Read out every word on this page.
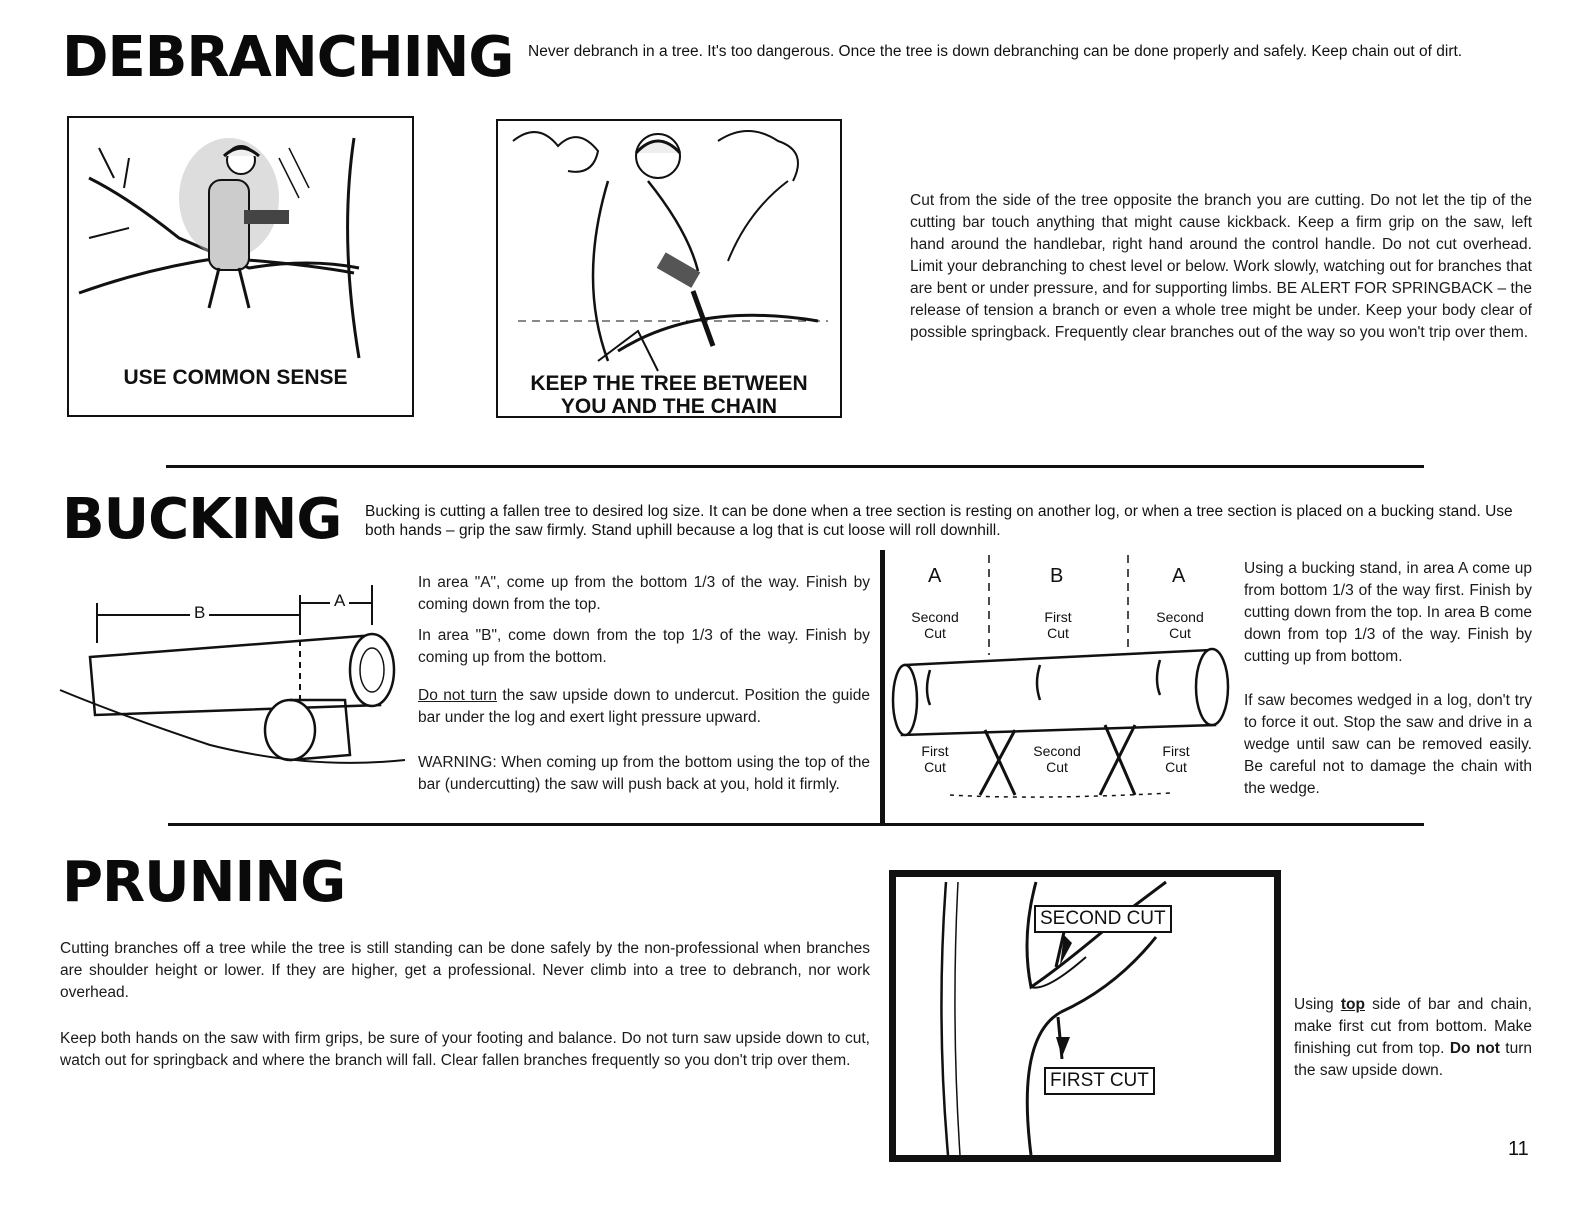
DEBRANCHING Never debranch in a tree. It's too dangerous. Once the tree is down debranching can be done properly and safely. Keep chain out of dirt.
USE COMMON SENSE	KEEP THE TREE BETWEEN
YOU AND THE CHAIN
Cut from the side of the tree opposite the branch you are cutting. Do not let the tip of the cutting bar touch anything that might cause kickback. Keep a firm grip on the saw, left hand around the handlebar, right hand around the control handle. Do not cut overhead. Limit your debranching to chest level or below. Work slowly, watching out for branches that are bent or under pressure, and for supporting limbs. BE ALERT FOR SPRINGBACK – the release of tension a branch or even a whole tree might be under. Keep your body clear of possible springback. Frequently clear branches out of the way so you won't trip over them.
BUCKING Bucking is cutting a fallen tree to desired log size. It can be done when a tree section is resting on another log, or when a tree section is placed on a bucking stand. Use both hands – grip the saw firmly. Stand uphill because a log that is cut loose will roll downhill.
B
A
In area "A", come up from the bottom 1/3 of the way. Finish by coming down from the top.
In area "B", come down from the top 1/3 of the way. Finish by coming up from the bottom.
Do not turn the saw upside down to undercut. Position the guide bar under the log and exert light pressure upward.
WARNING: When coming up from the bottom using the top of the bar (undercutting) the saw will push back at you, hold it firmly.
A	B	A
Second
Cut
First
Cut
Second
Cut
First
Cut
Second
Cut
First
Cut
Using a bucking stand, in area A come up from bottom 1/3 of the way first. Finish by cutting down from the top. In area B come down from top 1/3 of the way. Finish by cutting up from bottom.
If saw becomes wedged in a log, don't try to force it out. Stop the saw and drive in a wedge until saw can be removed easily. Be careful not to damage the chain with the wedge.
PRUNING
Cutting branches off a tree while the tree is still standing can be done safely by the non-professional when branches are shoulder height or lower. If they are higher, get a professional. Never climb into a tree to debranch, nor work overhead.
Keep both hands on the saw with firm grips, be sure of your footing and balance. Do not turn saw upside down to cut, watch out for springback and where the branch will fall. Clear fallen branches frequently so you don't trip over them.
SECOND CUT
FIRST CUT
Using top side of bar and chain, make first cut from bottom. Make finishing cut from top. Do not turn the saw upside down.
11
